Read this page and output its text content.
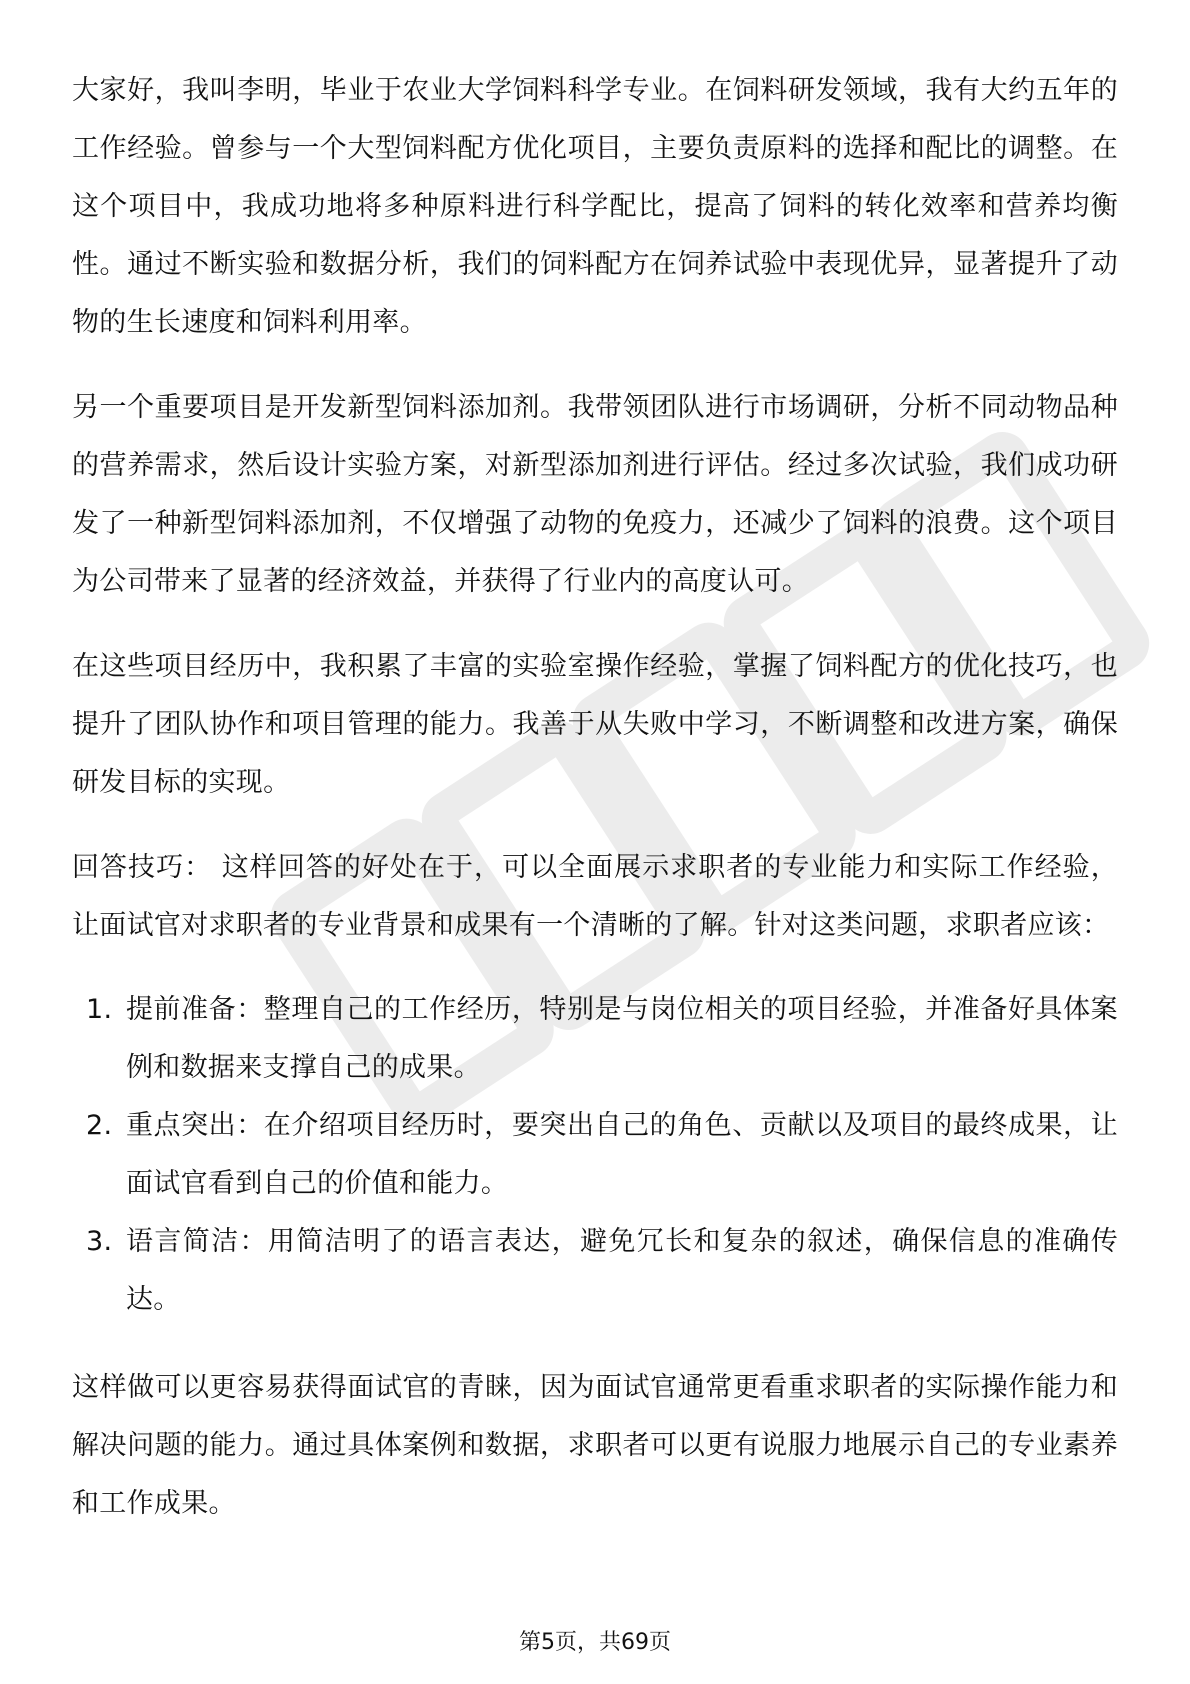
大家好，我叫李明，毕业于农业大学饲料科学专业。在饲料研发领域，我有大约五年的工作经验。曾参与一个大型饲料配方优化项目，主要负责原料的选择和配比的调整。在这个项目中，我成功地将多种原料进行科学配比，提高了饲料的转化效率和营养均衡性。通过不断实验和数据分析，我们的饲料配方在饲养试验中表现优异，显著提升了动物的生长速度和饲料利用率。

另一个重要项目是开发新型饲料添加剂。我带领团队进行市场调研，分析不同动物品种的营养需求，然后设计实验方案，对新型添加剂进行评估。经过多次试验，我们成功研发了一种新型饲料添加剂，不仅增强了动物的免疫力，还减少了饲料的浪费。这个项目为公司带来了显著的经济效益，并获得了行业内的高度认可。

在这些项目经历中，我积累了丰富的实验室操作经验，掌握了饲料配方的优化技巧，也提升了团队协作和项目管理的能力。我善于从失败中学习，不断调整和改进方案，确保研发目标的实现。

回答技巧： 这样回答的好处在于，可以全面展示求职者的专业能力和实际工作经验，让面试官对求职者的专业背景和成果有一个清晰的了解。针对这类问题，求职者应该：

1. 提前准备：整理自己的工作经历，特别是与岗位相关的项目经验，并准备好具体案例和数据来支撑自己的成果。
2. 重点突出：在介绍项目经历时，要突出自己的角色、贡献以及项目的最终成果，让面试官看到自己的价值和能力。
3. 语言简洁：用简洁明了的语言表达，避免冗长和复杂的叙述，确保信息的准确传达。

这样做可以更容易获得面试官的青睐，因为面试官通常更看重求职者的实际操作能力和解决问题的能力。通过具体案例和数据，求职者可以更有说服力地展示自己的专业素养和工作成果。

第5页，共69页
